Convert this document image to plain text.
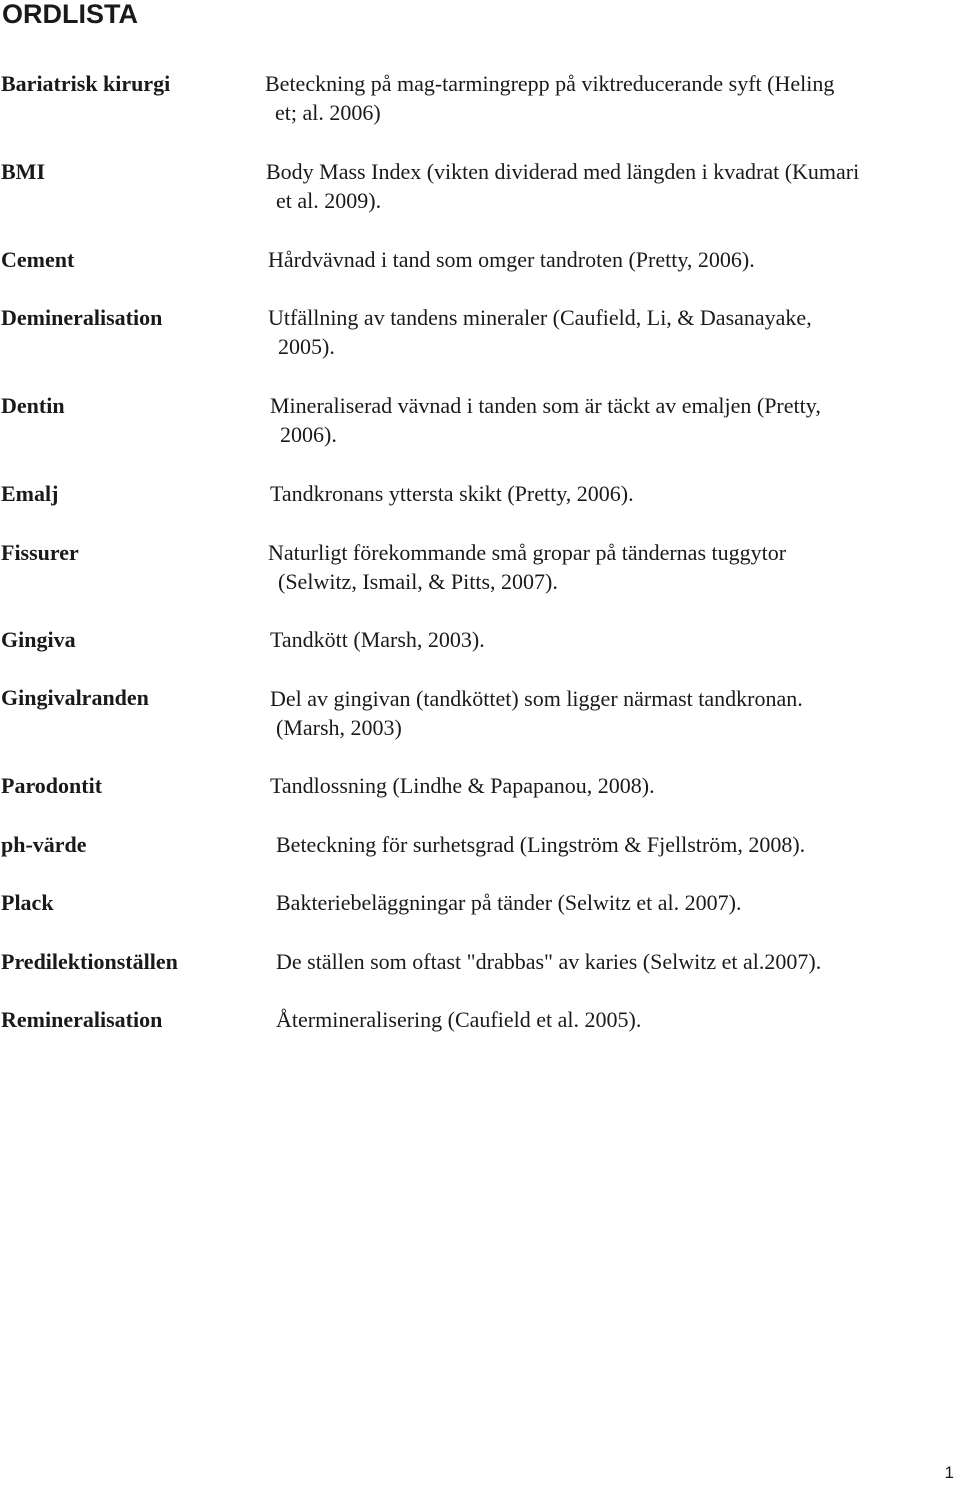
ORDLISTA
Bariatrisk kirurgi	Beteckning på mag-tarmingrepp på viktreducerande syft (Heling
et; al. 2006)
BMI	Body Mass Index (vikten dividerad med längden i kvadrat (Kumari
et al. 2009).
Cement	Hårdvävnad i tand som omger tandroten (Pretty, 2006).
Demineralisation	Utfällning av tandens mineraler (Caufield, Li, & Dasanayake,
2005).
Dentin	Mineraliserad vävnad i tanden som är täckt av emaljen (Pretty,
2006).
Emalj	Tandkronans yttersta skikt (Pretty, 2006).
Fissurer	Naturligt förekommande små gropar på tändernas tuggytor
(Selwitz, Ismail, & Pitts, 2007).
Gingiva	Tandkött (Marsh, 2003).
Gingivalranden	Del av gingivan (tandköttet) som ligger närmast tandkronan.
(Marsh, 2003)
Parodontit	Tandlossning (Lindhe & Papapanou, 2008).
ph-värde	Beteckning för surhetsgrad (Lingström & Fjellström, 2008).
Plack	Bakteriebeläggningar på tänder (Selwitz et al. 2007).
Predilektionställen	De ställen som oftast "drabbas" av karies (Selwitz et al.2007).
Remineralisation	Återmineralisering (Caufield et al. 2005).
1
